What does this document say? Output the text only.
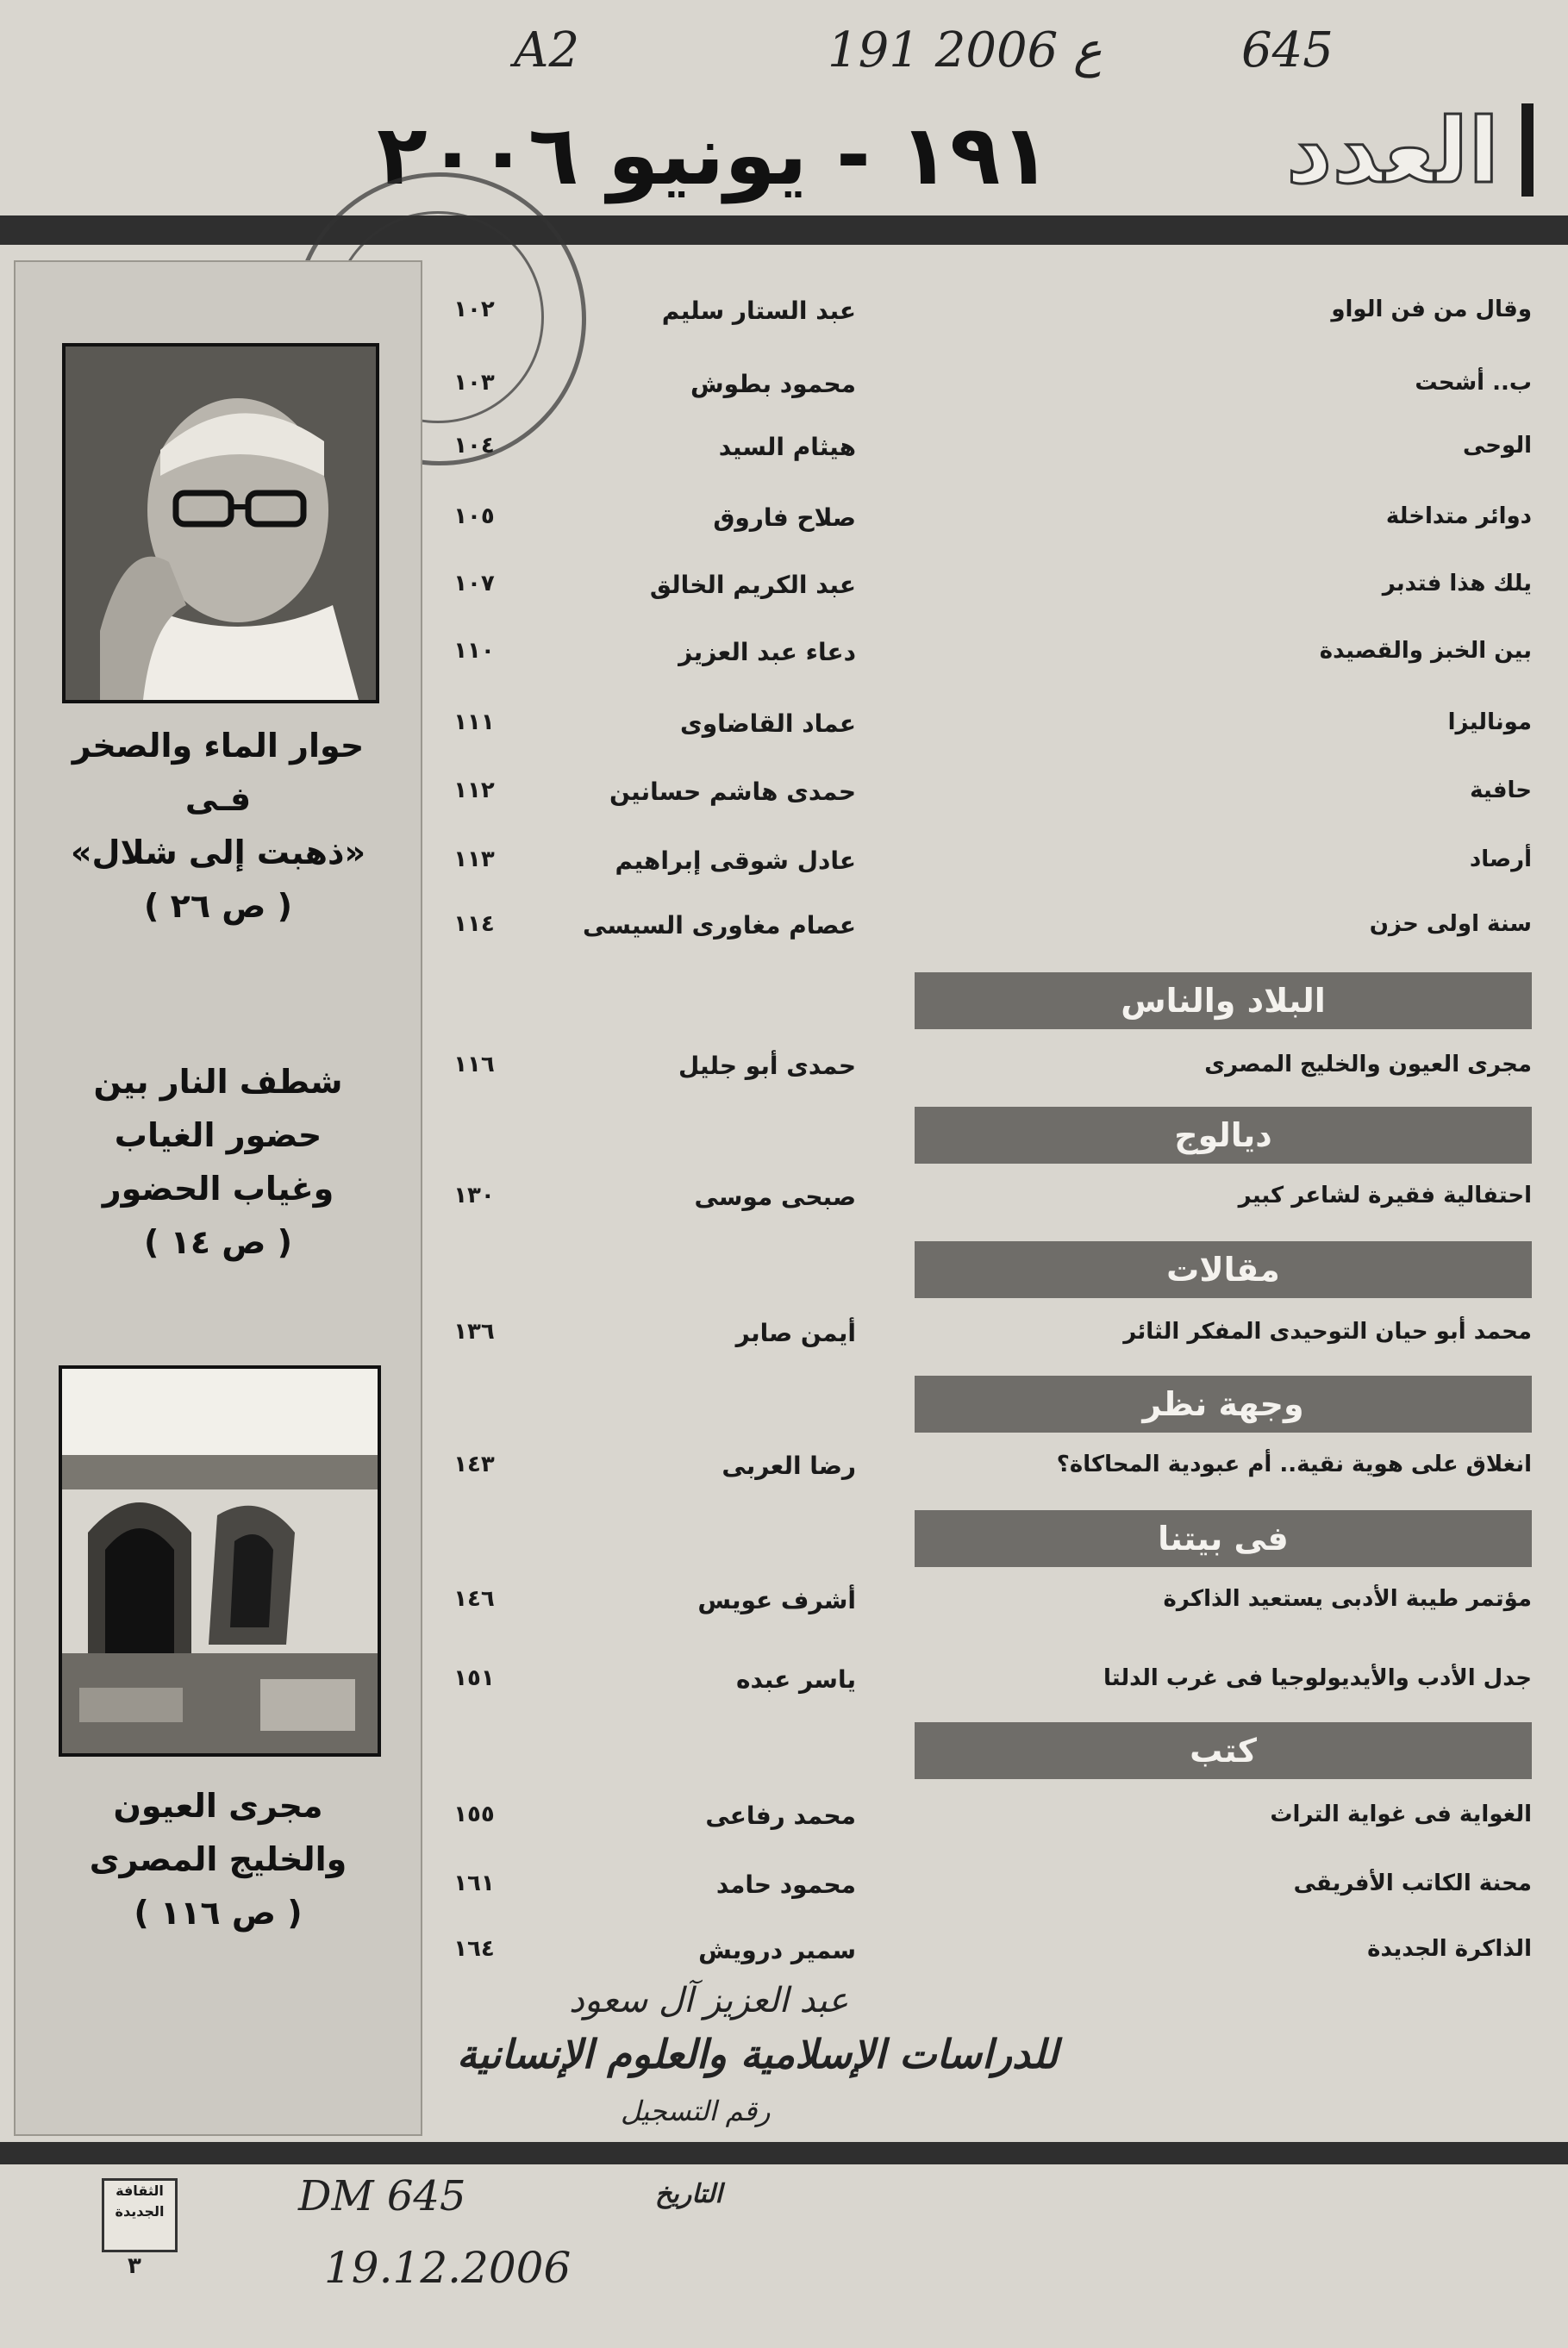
A2	191 ع 2006	645
العدد
١٩١ - يونيو ٢٠٠٦
حوار الماء والصخر
فـى
«ذهبت إلى شلال»
( ص ٢٦ )
شطف النار بين
حضور الغياب
وغياب الحضور
( ص ١٤ )
مجرى العيون
والخليج المصرى
( ص ١١٦ )
وقال من فن الواو
عبد الستار سليم
١٠٢
ب.. أشحت
محمود بطوش
١٠٣
الوحى
هيثام السيد
١٠٤
دوائر متداخلة
صلاح فاروق
١٠٥
يلك هذا فتدبر
عبد الكريم الخالق
١٠٧
بين الخبز والقصيدة
دعاء عبد العزيز
١١٠
موناليزا
عماد القاضاوى
١١١
حافية
حمدى هاشم حسانين
١١٢
أرصاد
عادل شوقى إبراهيم
١١٣
سنة اولى حزن
عصام مغاورى السيسى
١١٤
البلاد والناس
مجرى العيون والخليج المصرى
حمدى أبو جليل
١١٦
ديالوج
احتفالية فقيرة لشاعر كبير
صبحى موسى
١٣٠
مقالات
محمد أبو حيان التوحيدى المفكر الثائر
أيمن صابر
١٣٦
وجهة نظر
انغلاق على هوية نقية.. أم عبودية المحاكاة؟
رضا العربى
١٤٣
فى بيتنا
مؤتمر طيبة الأدبى يستعيد الذاكرة
أشرف عويس
١٤٦
جدل الأدب والأيديولوجيا فى غرب الدلتا
ياسر عبده
١٥١
كتب
الغواية فى غواية التراث
محمد رفاعى
١٥٥
محنة الكاتب الأفريقى
محمود حامد
١٦١
الذاكرة الجديدة
سمير درويش
١٦٤
عبد العزيز آل سعود
للدراسات الإسلامية والعلوم الإنسانية
رقم التسجيل
التاريخ
DM 645
19.12.2006
الثقافة الجديدة
٣
